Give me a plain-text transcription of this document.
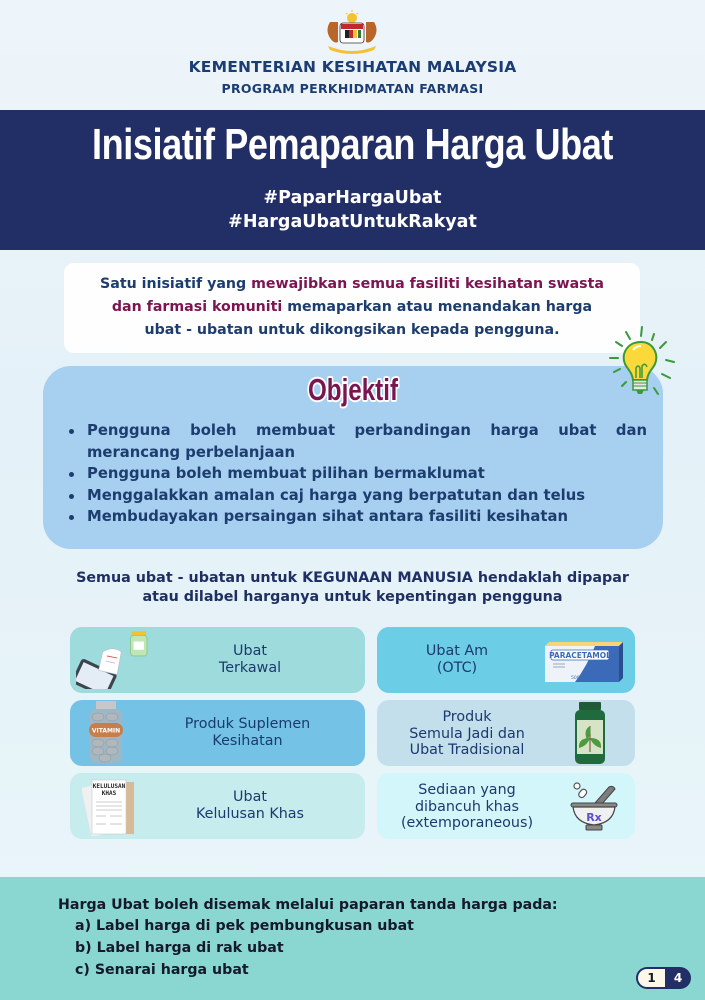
KEMENTERIAN KESIHATAN MALAYSIA
PROGRAM PERKHIDMATAN FARMASI
Inisiatif Pemaparan Harga Ubat
#PaparHargaUbat
#HargaUbatUntukRakyat
Satu inisiatif yang mewajibkan semua fasiliti kesihatan swasta
dan farmasi komuniti memaparkan atau menandakan harga
ubat - ubatan untuk dikongsikan kepada pengguna.
Objektif
Pengguna boleh membuat perbandingan harga ubat dan merancang perbelanjaan
Pengguna boleh membuat pilihan bermaklumat
Menggalakkan amalan caj harga yang berpatutan dan telus
Membudayakan persaingan sihat antara fasiliti kesihatan
Semua ubat - ubatan untuk KEGUNAAN MANUSIA hendaklah dipapar
atau dilabel harganya untuk kepentingan pengguna
Ubat
Terkawal
Ubat Am
(OTC)
PARACETAMOL
500mg
VITAMIN	Produk Suplemen
Kesihatan
Produk
Semula Jadi dan
Ubat Tradisional
KELULUSAN
KHAS	Ubat
Kelulusan Khas
Sediaan yang
dibancuh khas
(extemporaneous)	Rx
Harga Ubat boleh disemak melalui paparan tanda harga pada:
a) Label harga di pek pembungkusan ubat
b) Label harga di rak ubat
c) Senarai harga ubat	1	4
